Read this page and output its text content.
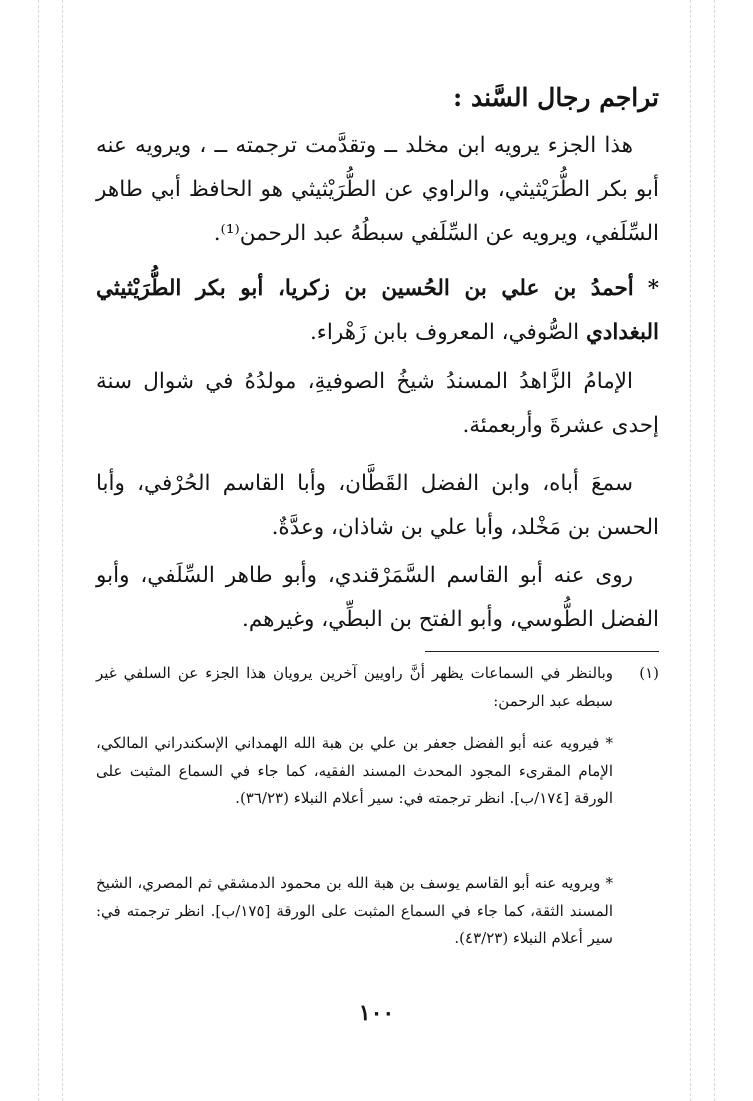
تراجم رجال السَّند :
هذا الجزء يرويه ابن مخلد ــ وتقدَّمت ترجمته ــ ، ويرويه عنه أبو بكر الطُّرَيْثيثي، والراوي عن الطُّرَيْثيثي هو الحافظ أبي طاهر السِّلَفي، ويرويه عن السِّلَفي سبطُهُ عبد الرحمن⁽¹⁾.
* أحمدُ بن علي بن الحُسين بن زكريا، أبو بكر الطُّرَيْثيثي البغدادي الصُّوفي، المعروف بابن زَهْراء.
الإمامُ الزَّاهدُ المسندُ شيخُ الصوفيةِ، مولدُهُ في شوال سنة إحدى عشرةَ وأربعمئة.
سمعَ أباه، وابن الفضل القَطَّان، وأبا القاسم الحُرْفي، وأبا الحسن بن مَخْلد، وأبا علي بن شاذان، وعدَّةٌ.
روى عنه أبو القاسم السَّمَرْقندي، وأبو طاهر السِّلَفي، وأبو الفضل الطُّوسي، وأبو الفتح بن البطِّي، وغيرهم.
(١)
وبالنظر في السماعات يظهر أنَّ راويين آخرين يرويان هذا الجزء عن السلفي غير سبطه عبد الرحمن:
* فيرويه عنه أبو الفضل جعفر بن علي بن هبة الله الهمداني الإسكندراني المالكي، الإمام المقرىء المجود المحدث المسند الفقيه، كما جاء في السماع المثبت على الورقة [١٧٤/ب]. انظر ترجمته في: سير أعلام النبلاء (٣٦/٢٣).
* ويرويه عنه أبو القاسم يوسف بن هبة الله بن محمود الدمشقي ثم المصري، الشيخ المسند الثقة، كما جاء في السماع المثبت على الورقة [١٧٥/ب]. انظر ترجمته في: سير أعلام النبلاء (٤٣/٢٣).
١٠٠
